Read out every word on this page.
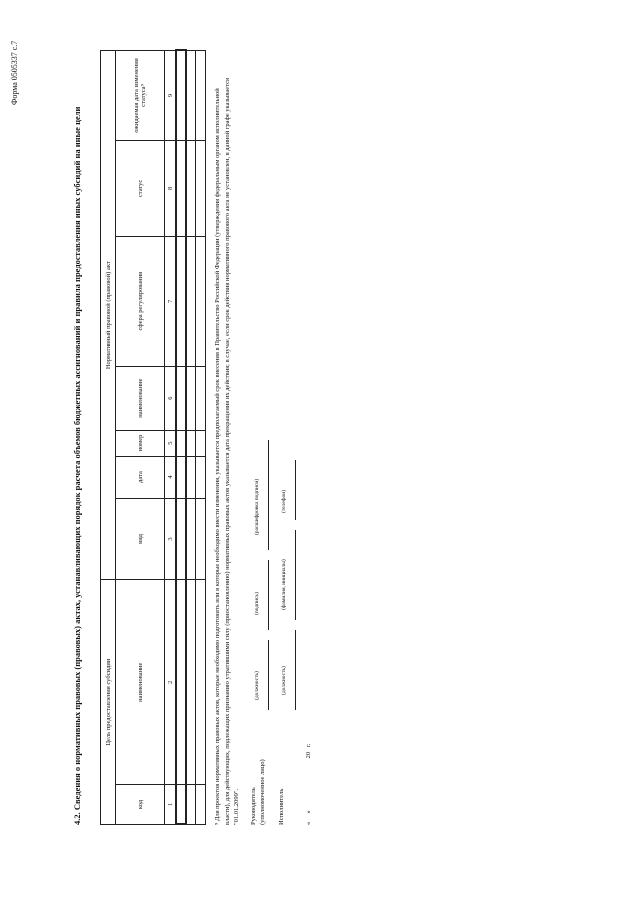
Форма 0505337 с.7
4.2. Сведения о нормативных правовых (правовых) актах, устанавливающих порядок расчета объемов бюджетных ассигнований и правила предоставления иных субсидий на иные цели	Цель предоставления субсидии		Нормативный правовой (правовой) акт						
код	наименование	вид	дата	номер	наименование	сфера регулирования	статус	ожидаемая дата изменения статуса⁹
1	2	3	4	5	6	7	8	9

									⁹ Для проектов нормативных правовых актов, которые необходимо подготовить или в которые необходимо внести изменения, указывается предполагаемый срок внесения в Правительство Российской Федерации (утверждения федеральным органом исполнительной власти), для действующих, подлежащих признанию утратившими силу (приостановлению) нормативных правовых актов указывается дата прекращения их действия; в случае, если срок действия нормативного правового акта не установлен, в данной графе указывается "01.01.2099". Руководитель (уполномоченное лицо)
(должность)
(подпись)
(расшифровка подписи)
Исполнитель
(должность)
(фамилия, инициалы)
(телефон)
«     »                                20   г.
